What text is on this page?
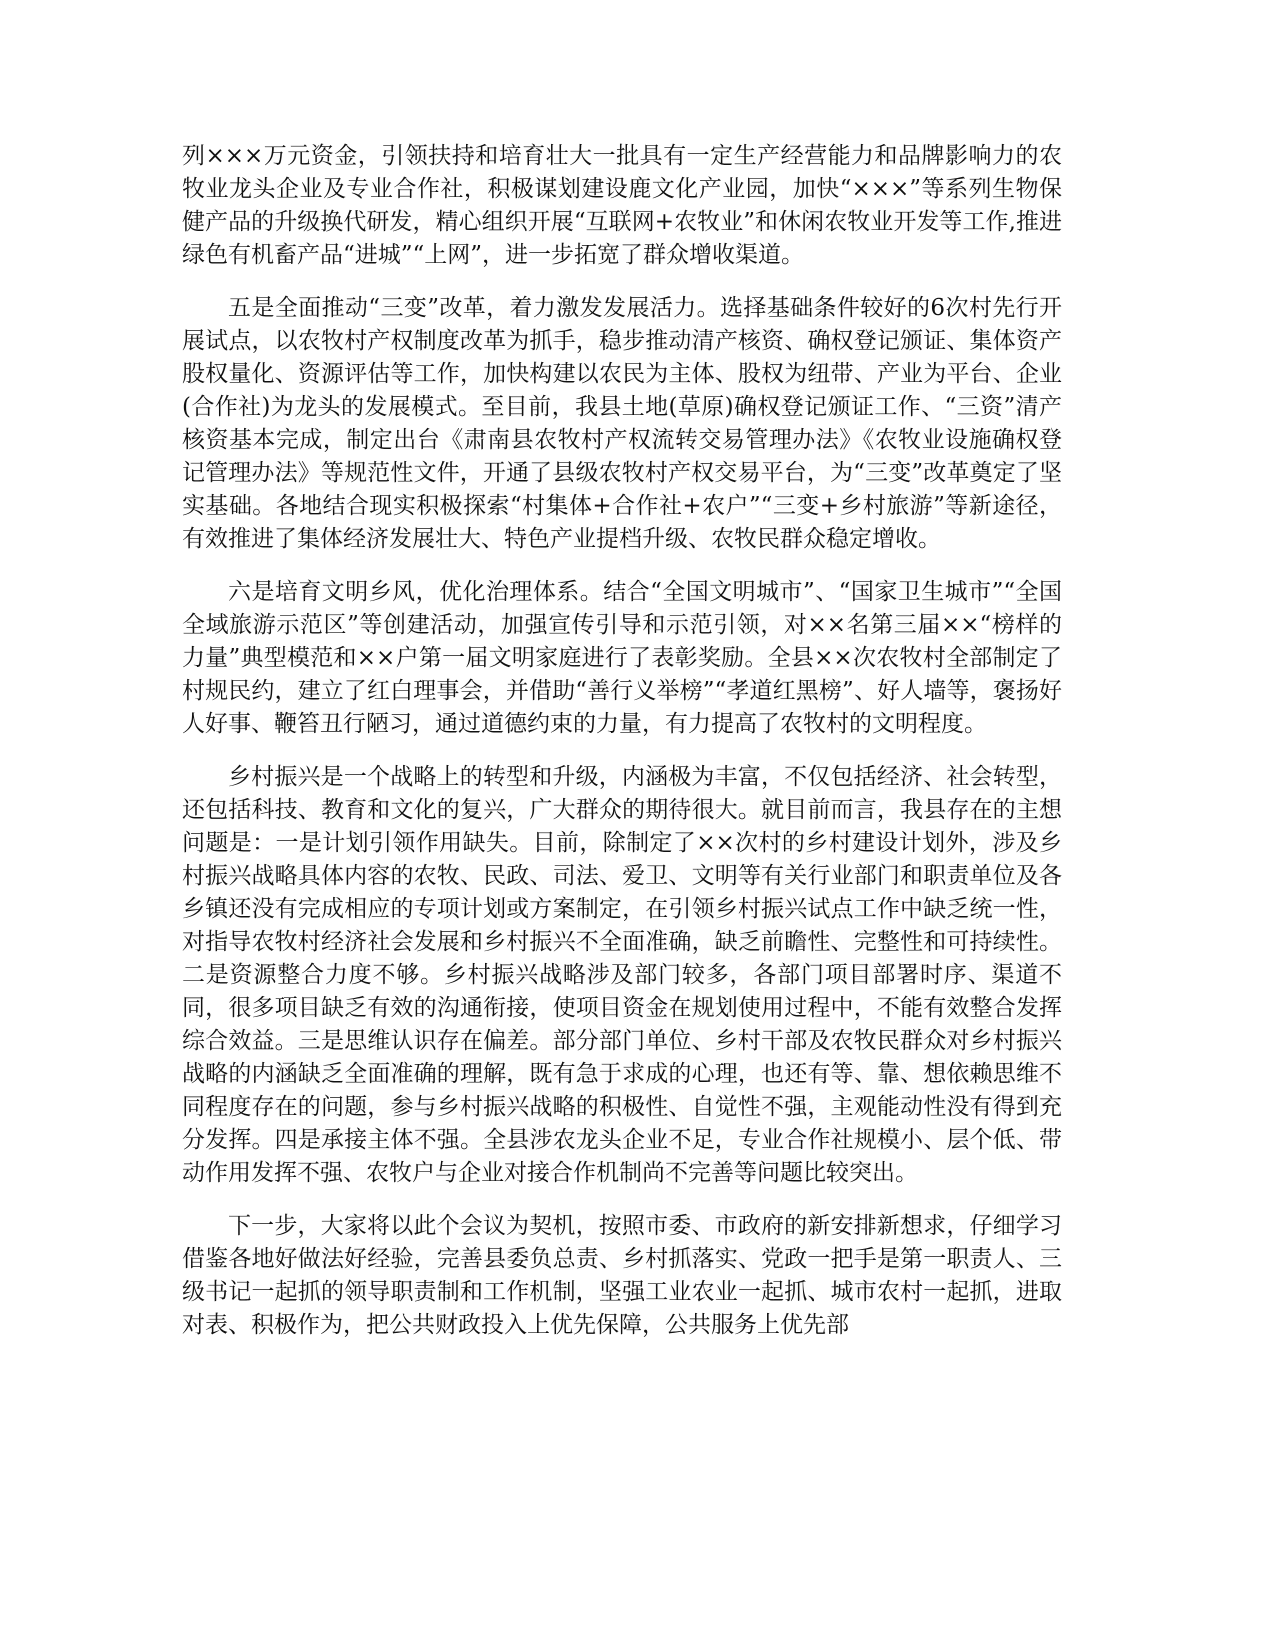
列×××万元资金，引领扶持和培育壮大一批具有一定生产经营能力和品牌影响力的农牧业龙头企业及专业合作社，积极谋划建设鹿文化产业园，加快“×××”等系列生物保健产品的升级换代研发，精心组织开展“互联网+农牧业”和休闲农牧业开发等工作,推进绿色有机畜产品“进城”“上网”，进一步拓宽了群众增收渠道。

五是全面推动“三变”改革，着力激发发展活力。选择基础条件较好的6次村先行开展试点，以农牧村产权制度改革为抓手，稳步推动清产核资、确权登记颁证、集体资产股权量化、资源评估等工作，加快构建以农民为主体、股权为纽带、产业为平台、企业(合作社)为龙头的发展模式。至目前，我县土地(草原)确权登记颁证工作、“三资”清产核资基本完成，制定出台《肃南县农牧村产权流转交易管理办法》《农牧业设施确权登记管理办法》等规范性文件，开通了县级农牧村产权交易平台，为“三变”改革奠定了坚实基础。各地结合现实积极探索“村集体+合作社+农户”“三变+乡村旅游”等新途径，有效推进了集体经济发展壮大、特色产业提档升级、农牧民群众稳定增收。

六是培育文明乡风，优化治理体系。结合“全国文明城市”、“国家卫生城市”“全国全域旅游示范区”等创建活动，加强宣传引导和示范引领，对××名第三届××“榜样的力量”典型模范和××户第一届文明家庭进行了表彰奖励。全县××次农牧村全部制定了村规民约，建立了红白理事会，并借助“善行义举榜”“孝道红黑榜”、好人墙等，褒扬好人好事、鞭笞丑行陋习，通过道德约束的力量，有力提高了农牧村的文明程度。

乡村振兴是一个战略上的转型和升级，内涵极为丰富，不仅包括经济、社会转型，还包括科技、教育和文化的复兴，广大群众的期待很大。就目前而言，我县存在的主想问题是：一是计划引领作用缺失。目前，除制定了××次村的乡村建设计划外，涉及乡村振兴战略具体内容的农牧、民政、司法、爱卫、文明等有关行业部门和职责单位及各乡镇还没有完成相应的专项计划或方案制定，在引领乡村振兴试点工作中缺乏统一性，对指导农牧村经济社会发展和乡村振兴不全面准确，缺乏前瞻性、完整性和可持续性。二是资源整合力度不够。乡村振兴战略涉及部门较多，各部门项目部署时序、渠道不同，很多项目缺乏有效的沟通衔接，使项目资金在规划使用过程中，不能有效整合发挥综合效益。三是思维认识存在偏差。部分部门单位、乡村干部及农牧民群众对乡村振兴战略的内涵缺乏全面准确的理解，既有急于求成的心理，也还有等、靠、想依赖思维不同程度存在的问题，参与乡村振兴战略的积极性、自觉性不强，主观能动性没有得到充分发挥。四是承接主体不强。全县涉农龙头企业不足，专业合作社规模小、层个低、带动作用发挥不强、农牧户与企业对接合作机制尚不完善等问题比较突出。

下一步，大家将以此个会议为契机，按照市委、市政府的新安排新想求，仔细学习借鉴各地好做法好经验，完善县委负总责、乡村抓落实、党政一把手是第一职责人、三级书记一起抓的领导职责制和工作机制，坚强工业农业一起抓、城市农村一起抓，进取对表、积极作为，把公共财政投入上优先保障，公共服务上优先部
